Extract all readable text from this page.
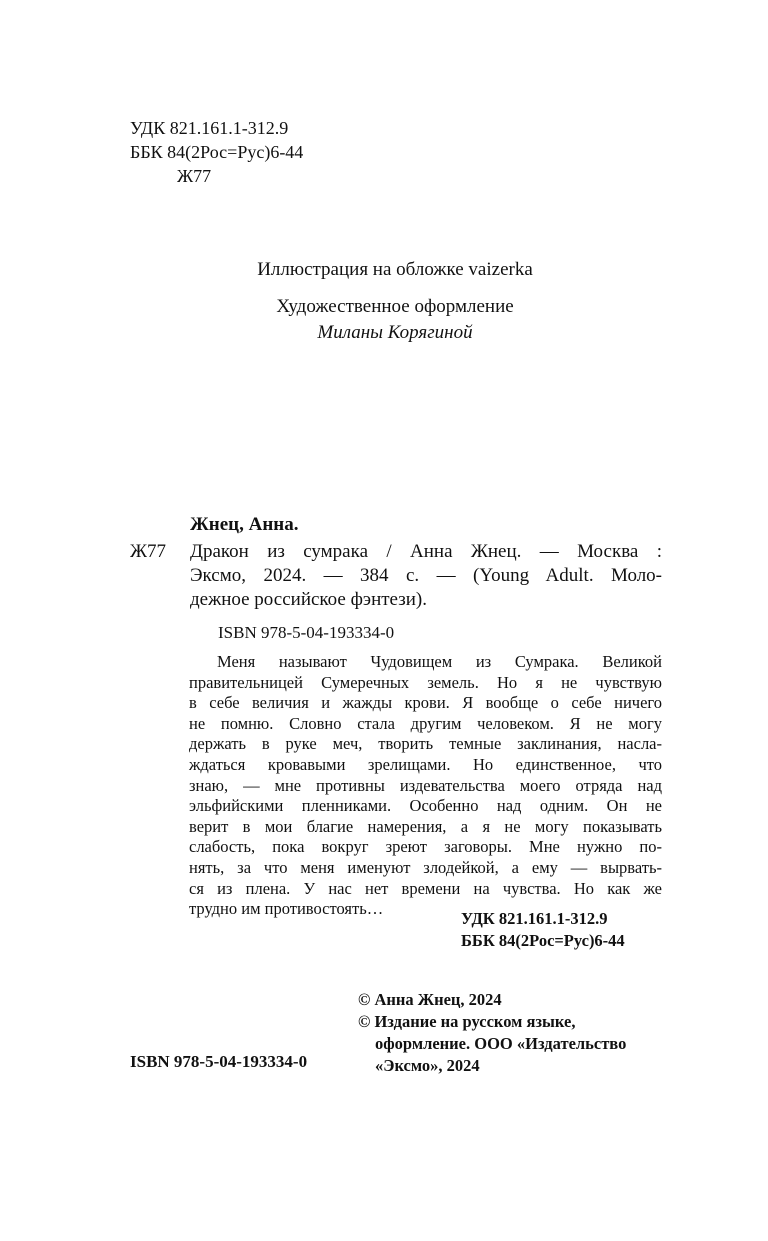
УДК 821.161.1-312.9
ББК 84(2Рос=Рус)6-44
Ж77
Иллюстрация на обложке vaizerka
Художественное оформление
Миланы Корягиной
Жнец, Анна.
Ж77 Дракон из сумрака / Анна Жнец. — Москва :
Эксмо, 2024. — 384 с. — (Young Adult. Моло-
дежное российское фэнтези).
ISBN 978-5-04-193334-0
Меня называют Чудовищем из Сумрака. Великой
правительницей Сумеречных земель. Но я не чувствую
в себе величия и жажды крови. Я вообще о себе ничего
не помню. Словно стала другим человеком. Я не могу
держать в руке меч, творить темные заклинания, насла-
ждаться кровавыми зрелищами. Но единственное, что
знаю, — мне противны издевательства моего отряда над
эльфийскими пленниками. Особенно над одним. Он не
верит в мои благие намерения, а я не могу показывать
слабость, пока вокруг зреют заговоры. Мне нужно по-
нять, за что меня именуют злодейкой, а ему — вырвать-
ся из плена. У нас нет времени на чувства. Но как же
трудно им противостоять…
УДК 821.161.1-312.9
ББК 84(2Рос=Рус)6-44
© Анна Жнец, 2024
© Издание на русском языке,
оформление. ООО «Издательство
«Эксмо», 2024
ISBN 978-5-04-193334-0
